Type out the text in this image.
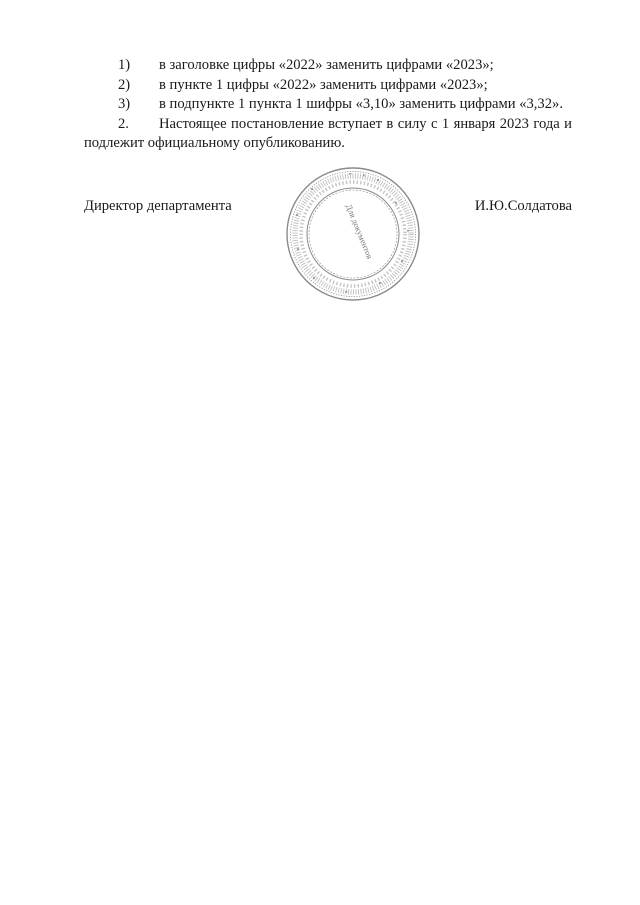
1)	в заголовке цифры «2022» заменить цифрами «2023»;

2)	в пункте 1 цифры «2022» заменить цифрами «2023»;

3)	в подпункте 1 пункта 1 шифры «3,10» заменить цифрами «3,32».

2.	Настоящее постановление вступает в силу с 1 января 2023 года и подлежит официальному опубликованию.

Директор департамента	И.Ю.Солдатова
Для документов
